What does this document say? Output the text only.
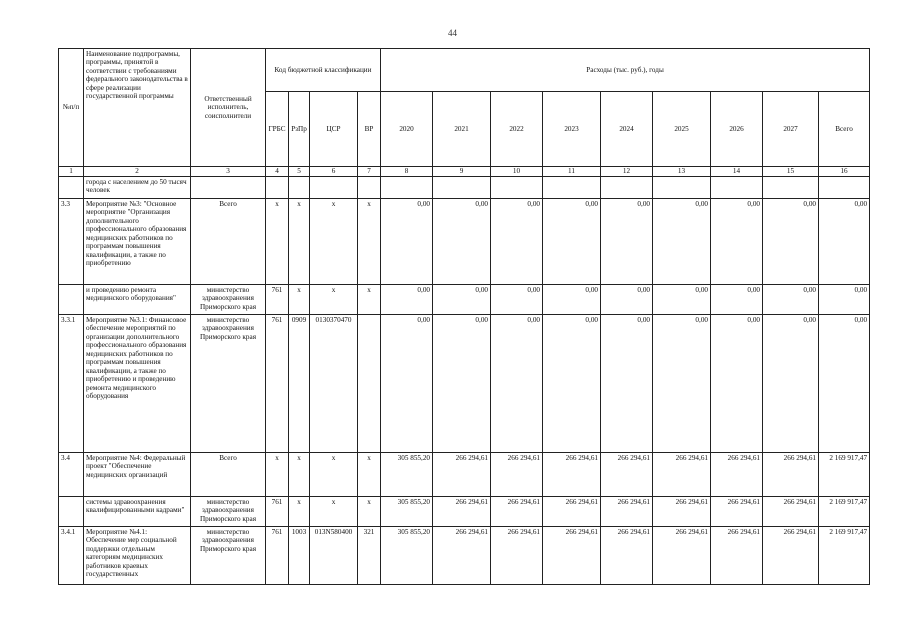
44
№п/п	Наименование подпрограммы, программы, принятой в соответствии с требованиями федерального законодательства в сфере реализации государственной программы	Ответственный исполнитель, соисполнители	Код бюджетной классификации				Расходы (тыс. руб.), годы								
			ГРБС	РзПр	ЦСР	ВР	2020	2021	2022	2023	2024	2025	2026	2027	Всего
1	2	3	4	5	6	7	8	9	10	11	12	13	14	15	16
	города с населением до 50 тысяч человек														
3.3	Мероприятие №3: "Основное мероприятие "Организация дополнительного профессионального образования медицинских работников по программам повышения квалификации, а также по приобретению	Всего	x	x	x	x	0,00	0,00	0,00	0,00	0,00	0,00	0,00	0,00	0,00
	и проведению ремонта медицинского оборудования"	министерство здравоохранения Приморского края	761	x	x	x	0,00	0,00	0,00	0,00	0,00	0,00	0,00	0,00	0,00
3.3.1	Мероприятие №3.1: Финансовое обеспечение мероприятий по организации дополнительного профессионального образования медицинских работников по программам повышения квалификации, а также по приобретению и проведению ремонта медицинского оборудования	министерство здравоохранения Приморского края	761	0909	0130370470		0,00	0,00	0,00	0,00	0,00	0,00	0,00	0,00	0,00
3.4	Мероприятие №4: Федеральный проект "Обеспечение медицинских организаций	Всего	x	x	x	x	305 855,20	266 294,61	266 294,61	266 294,61	266 294,61	266 294,61	266 294,61	266 294,61	2 169 917,47
	системы здравоохранения квалифицированными кадрами"	министерство здравоохранения Приморского края	761	x	x	x	305 855,20	266 294,61	266 294,61	266 294,61	266 294,61	266 294,61	266 294,61	266 294,61	2 169 917,47
3.4.1	Мероприятие №4.1: Обеспечение мер социальной поддержки отдельным категориям медицинских работников краевых государственных	министерство здравоохранения Приморского края	761	1003	013N580400	321	305 855,20	266 294,61	266 294,61	266 294,61	266 294,61	266 294,61	266 294,61	266 294,61	2 169 917,47
